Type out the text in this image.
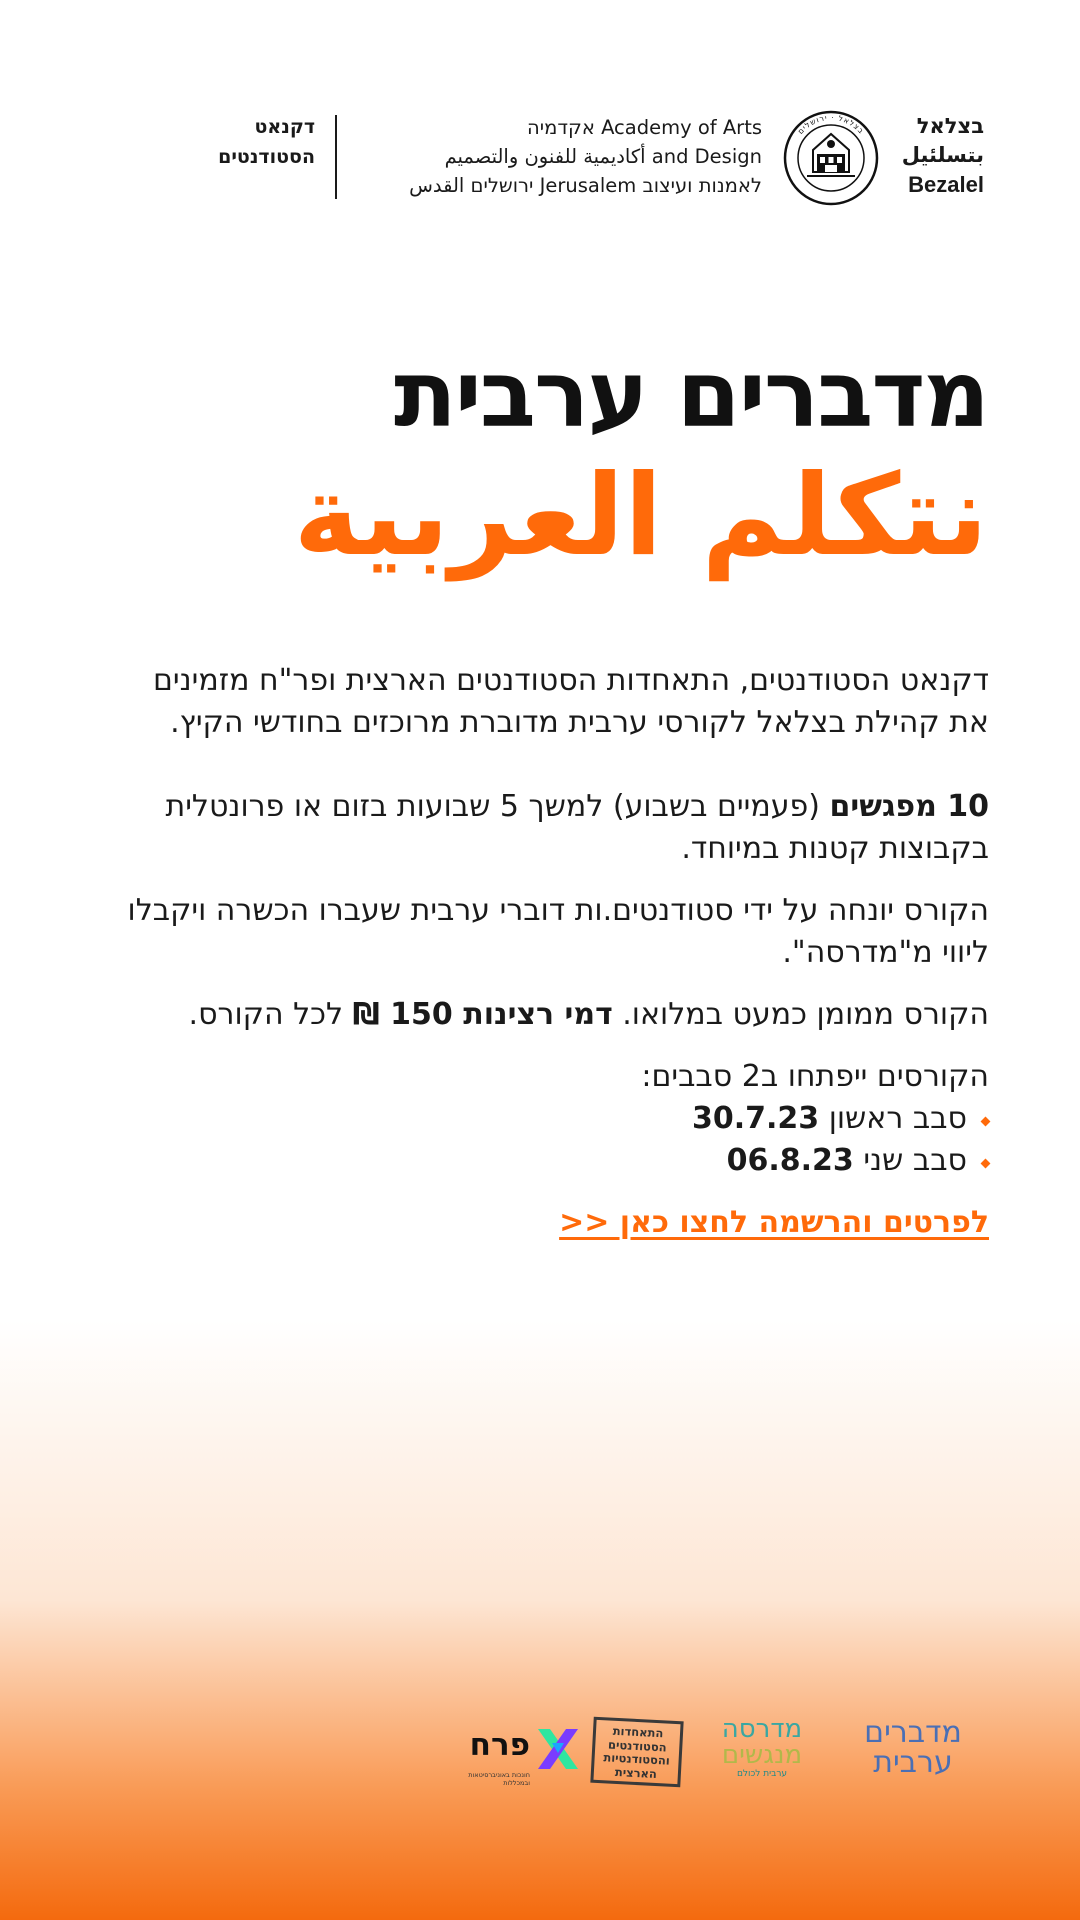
בצלאל
بتسلئيل
Bezalel
בצלאל · ירושלים
Academy of Arts אקדמיה
and Design أكاديمية للفنون والتصميم
לאמנות ועיצוב Jerusalem ירושלים القدس
דקנאט
הסטודנטים
מדברים ערבית
نتكلم العربية

דקנאט הסטודנטים, התאחדות הסטודנטים הארצית ופר"ח מזמינים את קהילת בצלאל לקורסי ערבית מדוברת מרוכזים בחודשי הקיץ.

10 מפגשים (פעמיים בשבוע) למשך 5 שבועות בזום או פרונטלית בקבוצות קטנות במיוחד.

הקורס יונחה על ידי סטודנטים.ות דוברי ערבית שעברו הכשרה ויקבלו ליווי מ"מדרסה".

הקורס ממומן כמעט במלואו. דמי רצינות 150 ₪ לכל הקורס.

הקורסים ייפתחו ב2 סבבים:

סבב ראשון 30.7.23
סבב שני 06.8.23
לפרטים והרשמה לחצו כאן <<
מדברים
ערבית
מדרסה
מנגשים
ערבית לכולם
התאחדות
הסטודנטים
והסטודנטיות
הארצית
פרח
חונכות באוניברסיטאות ובמכללות
